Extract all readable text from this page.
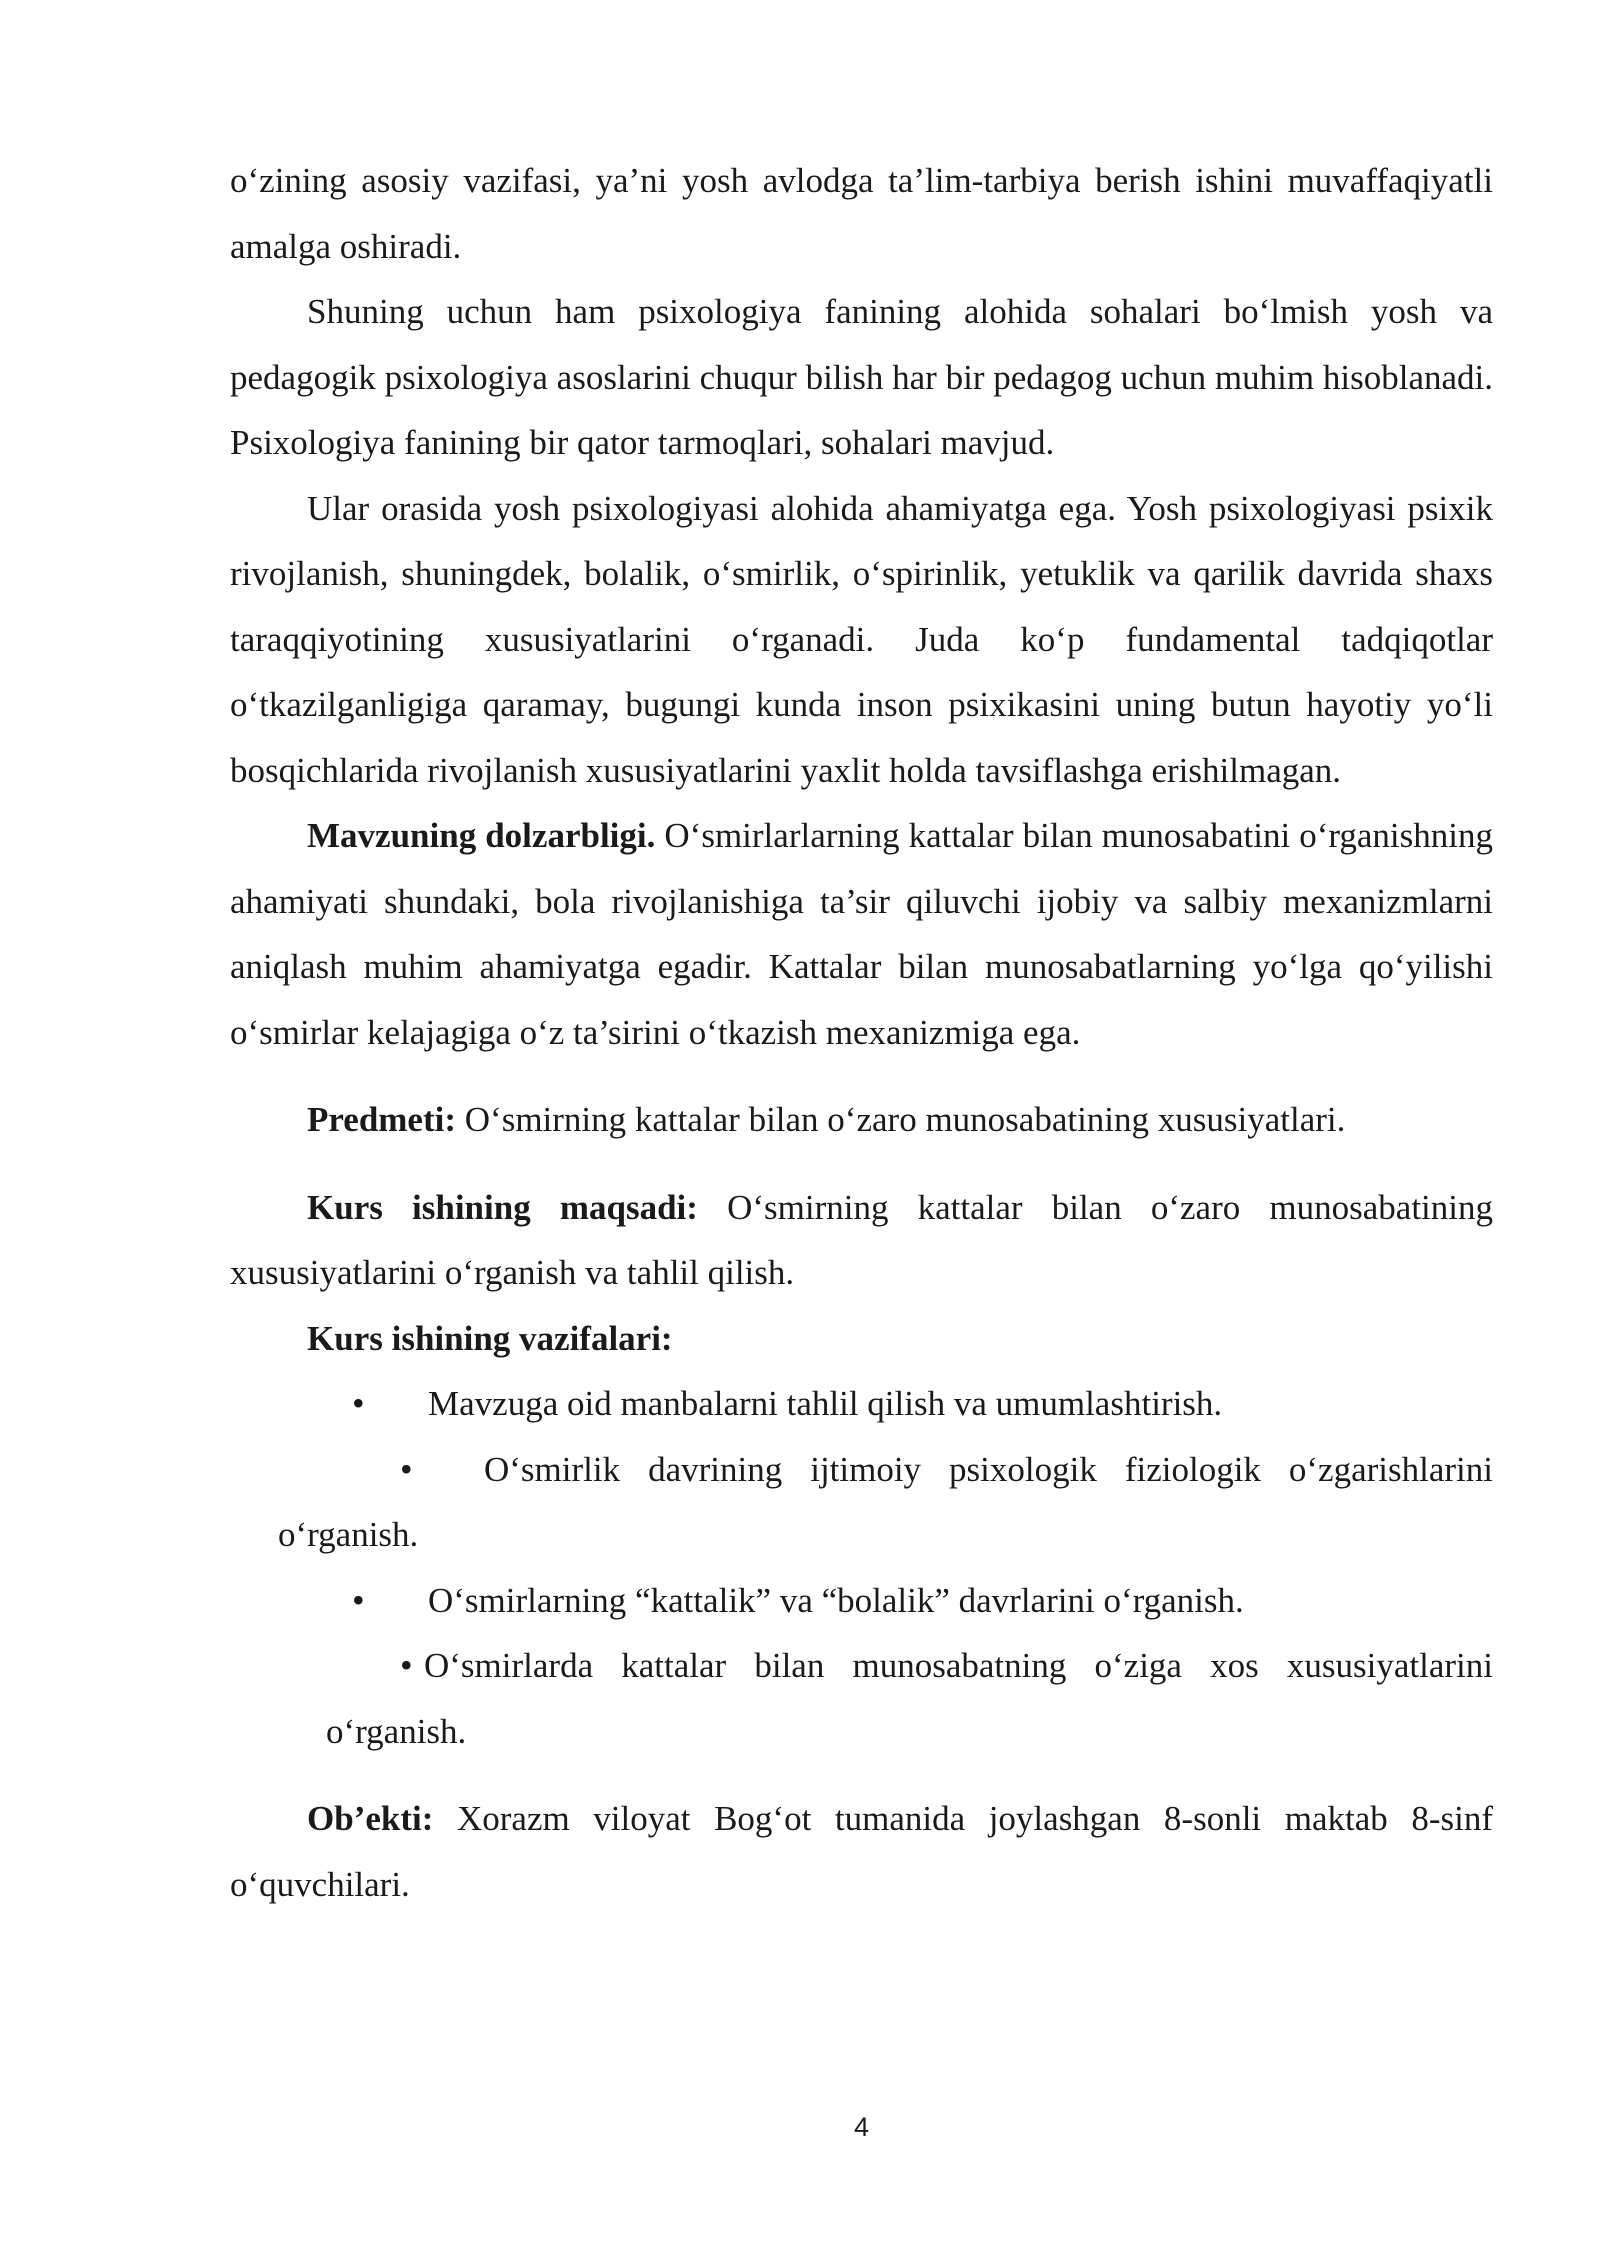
o‘zining asosiy vazifasi, ya’ni yosh avlodga ta’lim-tarbiya berish ishini muvaffaqiyatli amalga oshiradi.

Shuning uchun ham psixologiya fanining alohida sohalari bo‘lmish yosh va pedagogik psixologiya asoslarini chuqur bilish har bir pedagog uchun muhim hisoblanadi. Psixologiya fanining bir qator tarmoqlari, sohalari mavjud.

Ular orasida yosh psixologiyasi alohida ahamiyatga ega. Yosh psixologiyasi psixik rivojlanish, shuningdek, bolalik, o‘smirlik, o‘spirinlik, yetuklik va qarilik davrida shaxs taraqqiyotining xususiyatlarini o‘rganadi. Juda ko‘p fundamental tadqiqotlar o‘tkazilganligiga qaramay, bugungi kunda inson psixikasini uning butun hayotiy yo‘li bosqichlarida rivojlanish xususiyatlarini yaxlit holda tavsiflashga erishilmagan.

Mavzuning dolzarbligi. O‘smirlarlarning kattalar bilan munosabatini o‘rganishning ahamiyati shundaki, bola rivojlanishiga ta’sir qiluvchi ijobiy va salbiy mexanizmlarni aniqlash muhim ahamiyatga egadir. Kattalar bilan munosabatlarning yo‘lga qo‘yilishi o‘smirlar kelajagiga o‘z ta’sirini o‘tkazish mexanizmiga ega.

Predmeti: O‘smirning kattalar bilan o‘zaro munosabatining xususiyatlari.

Kurs ishining maqsadi: O‘smirning kattalar bilan o‘zaro munosabatining xususiyatlarini o‘rganish va tahlil qilish.

Kurs ishining vazifalari:

•	Mavzuga oid manbalarni tahlil qilish va umumlashtirish.
• O‘smirlik davrining ijtimoiy psixologik fiziologik o‘zgarishlarini o‘rganish.
•	O‘smirlarning “kattalik” va “bolalik” davrlarini o‘rganish.
• O‘smirlarda kattalar bilan munosabatning o‘ziga xos xususiyatlarini o‘rganish.

Ob’ekti: Xorazm viloyat Bog‘ot tumanida joylashgan 8-sonli maktab 8-sinf o‘quvchilari.

4
